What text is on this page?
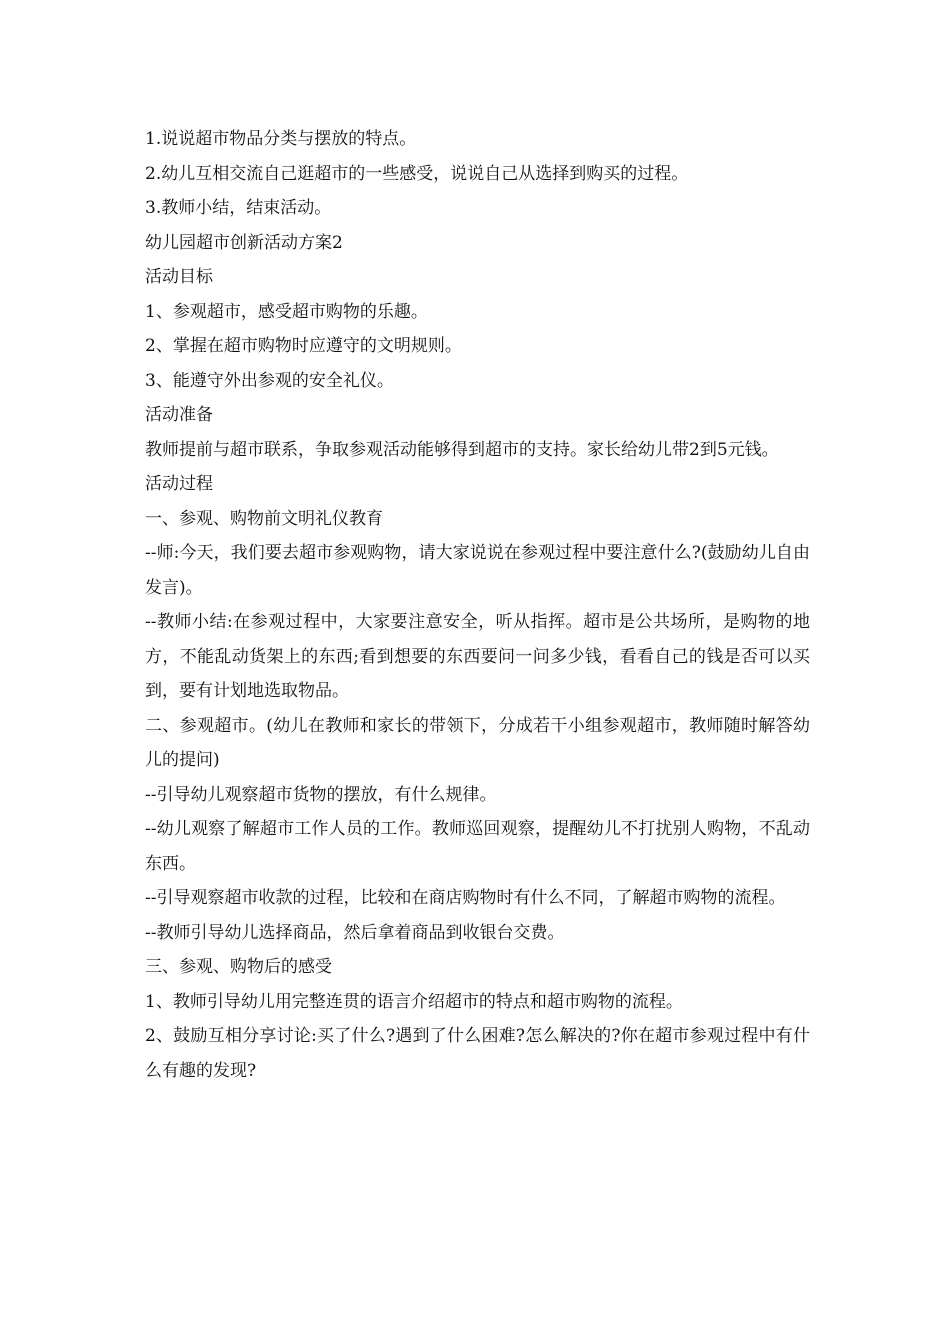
1.说说超市物品分类与摆放的特点。

2.幼儿互相交流自己逛超市的一些感受，说说自己从选择到购买的过程。

3.教师小结，结束活动。

幼儿园超市创新活动方案2

活动目标

1、参观超市，感受超市购物的乐趣。

2、掌握在超市购物时应遵守的文明规则。

3、能遵守外出参观的安全礼仪。

活动准备

教师提前与超市联系，争取参观活动能够得到超市的支持。家长给幼儿带2到5元钱。

活动过程

一、参观、购物前文明礼仪教育

--师:今天，我们要去超市参观购物，请大家说说在参观过程中要注意什么?(鼓励幼儿自由发言)。

--教师小结:在参观过程中，大家要注意安全，听从指挥。超市是公共场所，是购物的地方，不能乱动货架上的东西;看到想要的东西要问一问多少钱，看看自己的钱是否可以买到，要有计划地选取物品。

二、参观超市。(幼儿在教师和家长的带领下，分成若干小组参观超市，教师随时解答幼儿的提问)

--引导幼儿观察超市货物的摆放，有什么规律。

--幼儿观察了解超市工作人员的工作。教师巡回观察，提醒幼儿不打扰别人购物，不乱动东西。

--引导观察超市收款的过程，比较和在商店购物时有什么不同，了解超市购物的流程。

--教师引导幼儿选择商品，然后拿着商品到收银台交费。

三、参观、购物后的感受

1、教师引导幼儿用完整连贯的语言介绍超市的特点和超市购物的流程。

2、鼓励互相分享讨论:买了什么?遇到了什么困难?怎么解决的?你在超市参观过程中有什么有趣的发现?
